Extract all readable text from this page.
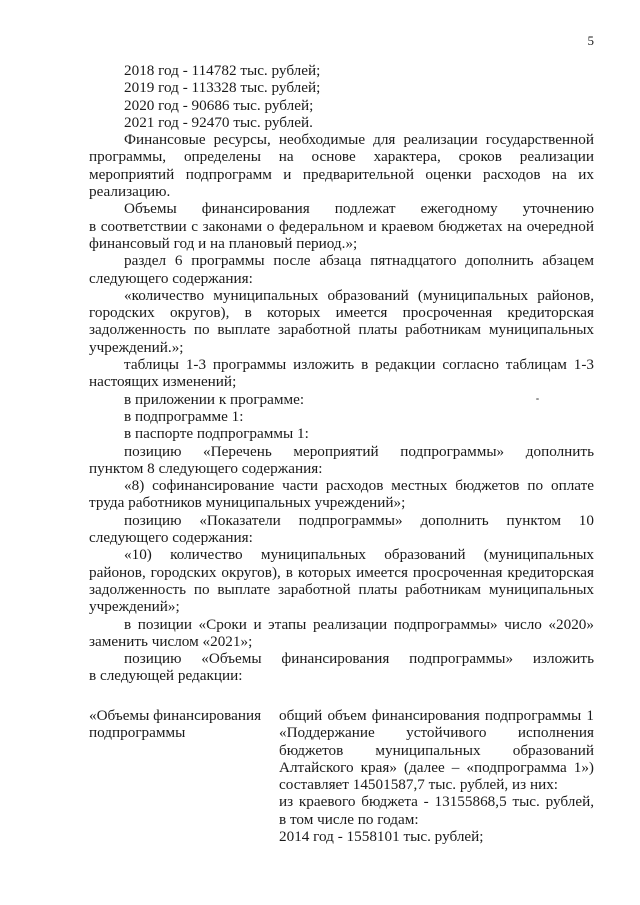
5
2018 год - 114782 тыс. рублей;
2019 год - 113328 тыс. рублей;
2020 год - 90686 тыс. рублей;
2021 год - 92470 тыс. рублей.
Финансовые ресурсы, необходимые для реализации государственной
программы, определены на основе характера, сроков реализации
мероприятий подпрограмм и предварительной оценки расходов на их
реализацию.
Объемы финансирования подлежат ежегодному уточнению
в соответствии с законами о федеральном и краевом бюджетах на очередной
финансовый год и на плановый период.»;
раздел 6 программы после абзаца пятнадцатого дополнить абзацем
следующего содержания:
«количество муниципальных образований (муниципальных районов,
городских округов), в которых имеется просроченная кредиторская
задолженность по выплате заработной платы работникам муниципальных
учреждений.»;
таблицы 1-3 программы изложить в редакции согласно таблицам 1-3
настоящих изменений;
в приложении к программе:
в подпрограмме 1:
в паспорте подпрограммы 1:
позицию «Перечень мероприятий подпрограммы» дополнить
пунктом 8 следующего содержания:
«8) софинансирование части расходов местных бюджетов по оплате
труда работников муниципальных учреждений»;
позицию «Показатели подпрограммы» дополнить пунктом 10
следующего содержания:
«10) количество муниципальных образований (муниципальных
районов, городских округов), в которых имеется просроченная кредиторская
задолженность по выплате заработной платы работникам муниципальных
учреждений»;
в позиции «Сроки и этапы реализации подпрограммы» число «2020»
заменить числом «2021»;
позицию «Объемы финансирования подпрограммы» изложить
в следующей редакции:
«Объемы финансирования
подпрограммы
общий объем финансирования подпрограммы 1
«Поддержание устойчивого исполнения
бюджетов муниципальных образований
Алтайского края» (далее – «подпрограмма 1»)
составляет 14501587,7 тыс. рублей, из них:
из краевого бюджета - 13155868,5 тыс. рублей,
в том числе по годам:
2014 год - 1558101 тыс. рублей;
